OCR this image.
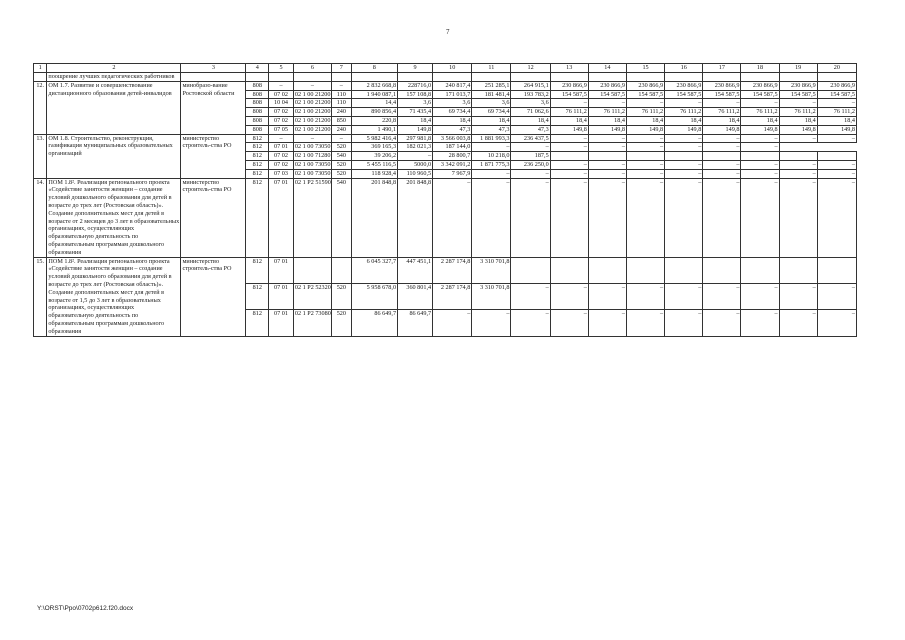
7
1	2	3	4	5	6	7	8	9	10	11	12	13	14	15	16	17	18	19	20
	поощрение лучших педагогических работников																		
12.	ОМ 1.7. Развитие и совершенствование дистанционного образования детей-инвалидов	минобразо-вание Ростовской области	808	–	–	–	2 832 668,8	228716,0	240 817,4	251 285,1	264 915,1	230 866,9	230 866,9	230 866,9	230 866,9	230 866,9	230 866,9	230 866,9	230 866,9
			808	07 02	02 1 00 21200	110	1 940 087,1	157 108,8	171 013,7	181 481,4	193 783,2	154 587,5	154 587,5	154 587,5	154 587,5	154 587,5	154 587,5	154 587,5	154 587,5
			808	10 04	02 1 00 21200	110	14,4	3,6	3,6	3,6	3,6	–	–	–	–	–	–	–	–
			808	07 02	02 1 00 21200	240	890 856,4	71 435,4	69 734,4	69 734,4	71 062,6	76 111,2	76 111,2	76 111,2	76 111,2	76 111,2	76 111,2	76 111,2	76 111,2
			808	07 02	02 1 00 21200	850	220,8	18,4	18,4	18,4	18,4	18,4	18,4	18,4	18,4	18,4	18,4	18,4	18,4
			808	07 05	02 1 00 21200	240	1 490,1	149,8	47,3	47,3	47,3	149,8	149,8	149,8	149,8	149,8	149,8	149,8	149,8
13.	ОМ 1.8. Строительство, реконструкция, газификация муниципальных образовательных организаций	министерство строитель-ства РО	812	–	–	–	5 982 416,4	297 981,8	3 566 003,8	1 881 993,3	236 437,5	–	–	–	–	–	–	–	–
			812	07 01	02 1 00 73050	520	369 165,3	182 021,3	187 144,0	–	–	–	–	–	–	–	–		
			812	07 02	02 1 00 71280	540	39 206,2	–	28 800,7	10 218,0	187,5								
			812	07 02	02 1 00 73050	520	5 455 116,5	5000,0	3 342 091,2	1 871 775,3	236 250,0	–	–	–	–	–	–	–	–
			812	07 03	02 1 00 73050	520	118 928,4	110 960,5	7 967,9	–	–	–	–	–	–	–	–	–	–
14.	ПОМ 1.8². Реализация регионального проекта «Содействие занятости женщин – создание условий дошкольного образования для детей в возрасте до трех лет (Ростовская область)». Создание дополнительных мест для детей в возрасте от 2 месяцев до 3 лет в образовательных организациях, осуществляющих образовательную деятельность по образовательным программам дошкольного образования	министерство строитель-ства РО	812	07 01	02 1 P2 51590	540	201 848,8	201 848,8	–	–	–	–	–	–	–	–	–	–	–
15.	ПОМ 1.8². Реализация регионального проекта «Содействие занятости женщин – создание условий дошкольного образования для детей в возрасте до трех лет (Ростовская область)». Создание дополнительных мест для детей в возрасте от 1,5 до 3 лет в образовательных организациях, осуществляющих образовательную деятельность по образовательным программам дошкольного образования	министерство строитель-ства РО	812	07 01			6 045 327,7	447 451,1	2 287 174,8	3 310 701,8									
			812	07 01	02 1 P2 52320	520	5 958 678,0	360 801,4	2 287 174,8	3 310 701,8	–	–	–	–	–	–	–	–	–
			812	07 01	02 1 P2 73080	520	86 649,7	86 649,7	–	–	–	–	–	–	–	–	–	–	–
Y:\ORST\Ppo\0702p612.f20.docx
